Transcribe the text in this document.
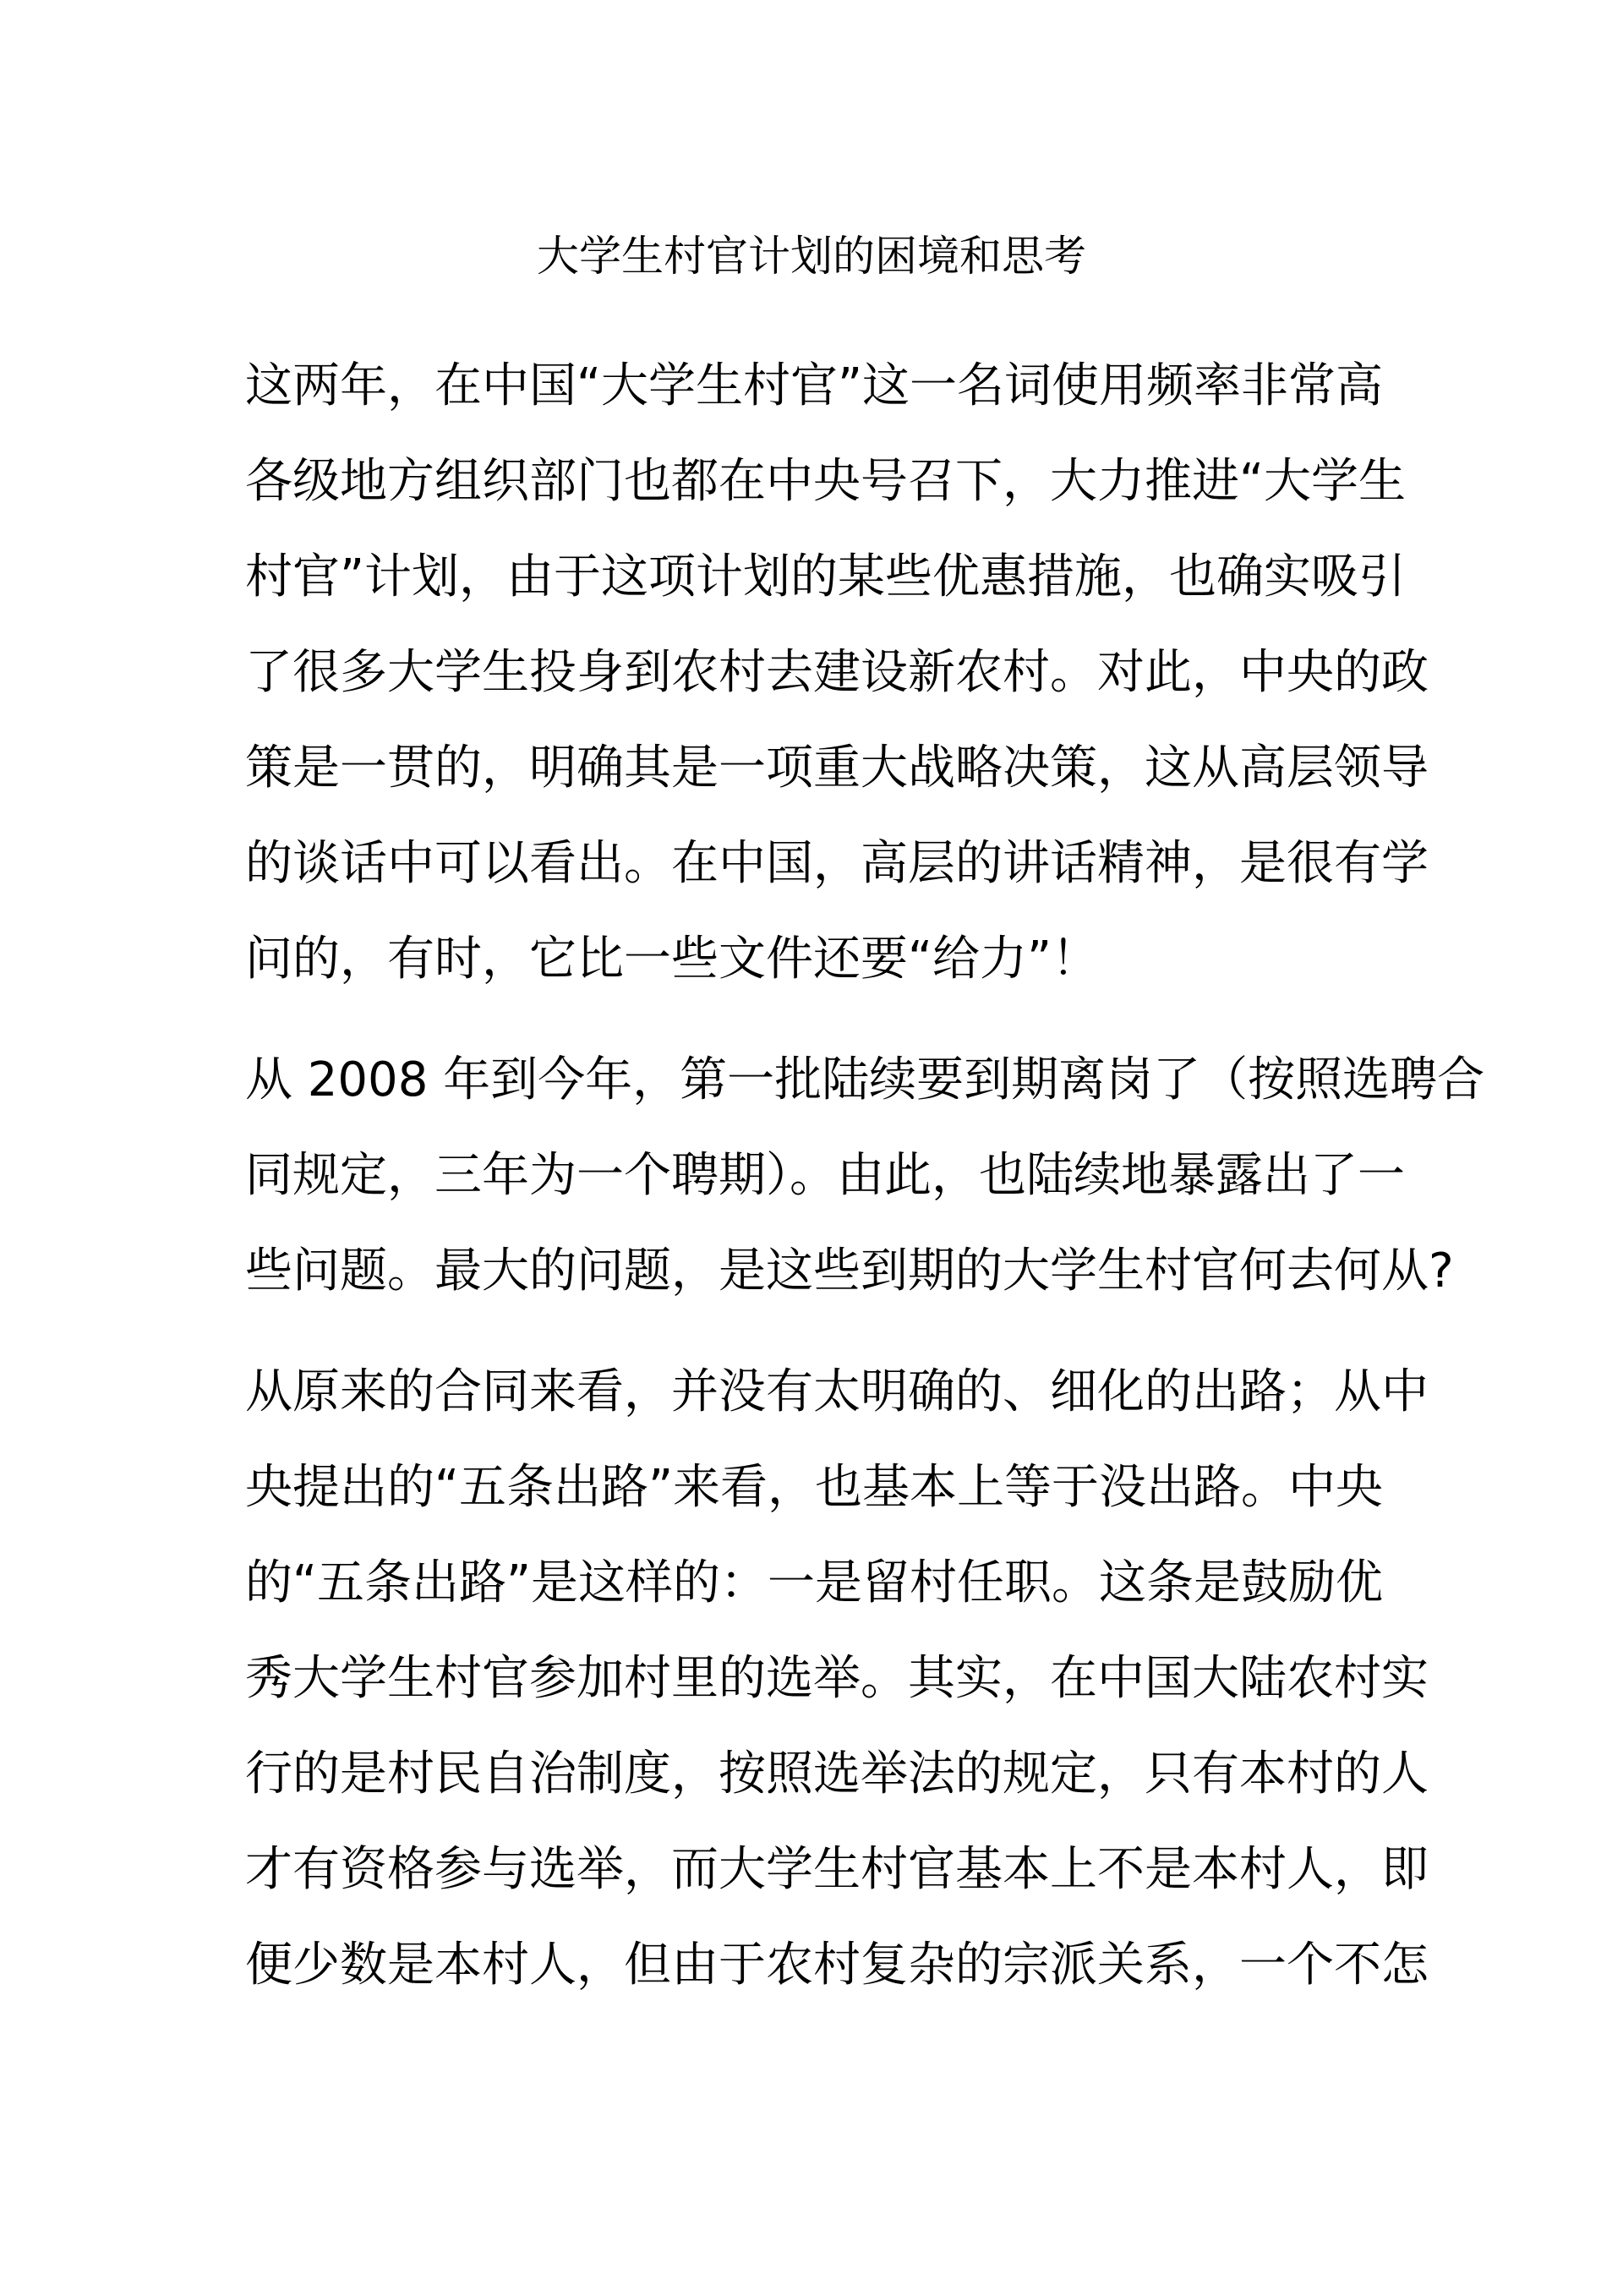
大学生村官计划的困境和思考
这两年，在中国“大学生村官”这一名词使用频率非常高
各级地方组织部门也都在中央号召下，大力推进“大学生
村官”计划，由于这项计划的某些优惠措施，也确实吸引
了很多大学生投身到农村去建设新农村。对此，中央的政
策是一贯的，明确其是一项重大战略决策，这从高层领导
的谈话中可以看出。在中国，高层的讲话精神，是很有学
问的，有时，它比一些文件还要“给力”！
从 2008 年到今年，第一批陆续要到期离岗了（按照选聘合
同规定，三年为一个聘期）。由此，也陆续地暴露出了一
些问题。最大的问题，是这些到期的大学生村官何去何从?
从原来的合同来看，并没有太明确的、细化的出路；从中
央提出的“五条出路”来看，也基本上等于没出路。中央
的“五条出路”是这样的：一是留村任职。这条是鼓励优
秀大学生村官参加村里的选举。其实，在中国大陆农村实
行的是村民自治制度，按照选举法的规定，只有本村的人
才有资格参与选举，而大学生村官基本上不是本村人，即
便少数是本村人，但由于农村复杂的宗派关系，一个不怎
